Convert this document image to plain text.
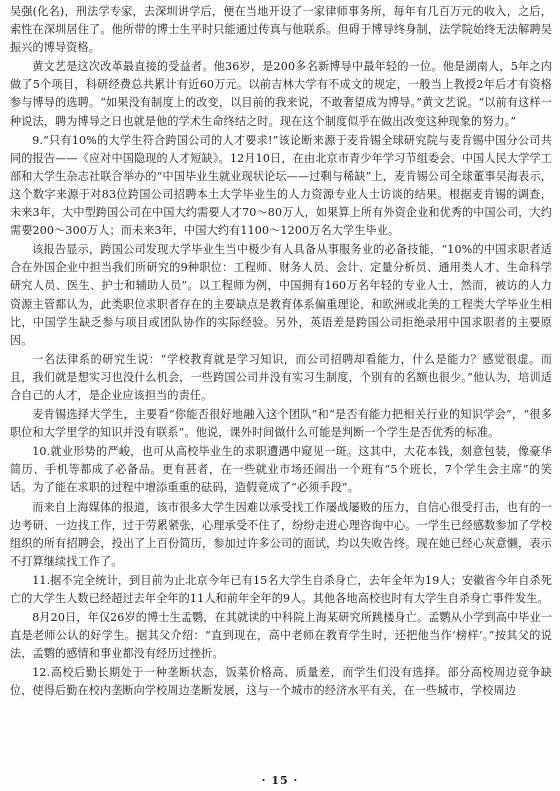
吴强(化名)，刑法学专家，去深圳讲学后，便在当地开设了一家律师事务所，每年有几百万元的收入，之后，索性在深圳居住了。他所带的博士生平时只能通过传真与他联系。但碍于博导终身制，法学院始终无法解聘吴振兴的博导资格。

黄文艺是这次改革最直接的受益者。他36岁，是200多名新博导中最年轻的一位。他是湖南人，5年之内做了5个项目，科研经费总共累计有近60万元。以前吉林大学有不成文的规定，一般当上教授2年后才有资格参与博导的选聘。“如果没有制度上的改变，以目前的我来说，不敢奢望成为博导。”黄文艺说。“以前有这样一种说法，聘为博导之日也就是他的学术生命终结之时。现在这个制度似乎在做出改变这种现象的努力。”

9.“只有10%的大学生符合跨国公司的人才要求!”该论断来源于麦肯锡全球研究院与麦肯锡中国分公司共同的报告——《应对中国隐现的人才短缺》。12月10日，在由北京市青少年学习节组委会、中国人民大学学工部和大学生杂志社联合举办的“中国毕业生就业现状论坛——过剩与稀缺”上，麦肯锡公司全球董事吴海表示，这个数字来源于对83位跨国公司招聘本土大学毕业生的人力资源专业人士访谈的结果。根据麦肯锡的调查，未来3年，大中型跨国公司在中国大约需要人才70～80万人，如果算上所有外资企业和优秀的中国公司，大约需要200～300万人；而未来3年，中国大约有1100～1200万名大学生毕业。

该报告显示，跨国公司发现大学毕业生当中极少有人具备从事服务业的必备技能，“10%的中国求职者适合在外国企业中担当我们所研究的9种职位：工程师、财务人员、会计、定量分析员、通用类人才、生命科学研究人员、医生、护士和辅助人员”。以工程师为例，中国拥有160万名年轻的专业人士，然而，被访的人力资源主管都认为，此类职位求职者存在的主要缺点是教育体系偏重理论，和欧洲或北美的工程类大学毕业生相比，中国学生缺乏参与项目或团队协作的实际经验。另外，英语差是跨国公司拒绝录用中国求职者的主要原因。

一名法律系的研究生说：“学校教育就是学习知识，而公司招聘却看能力，什么是能力？感觉很虚。而且，我们就是想实习也没什么机会，一些跨国公司并没有实习生制度，个别有的名额也很少。”他认为，培训适合自己的人才，是企业应该担当的责任。

麦肯锡选择大学生，主要看“你能否很好地融入这个团队”和“是否有能力把相关行业的知识学会”，“很多职位和大学里学的知识并没有联系”。他说，课外时间做什么可能是判断一个学生是否优秀的标准。

10.就业形势的严峻，也可从高校毕业生的求职遭遇中窥见一斑。这其中，大花本钱，刻意包装，像豪华简历、手机等都成了必备品。更有甚者，在一些就业市场还闹出一个班有“5个班长，7个学生会主席”的笑话。为了能在求职的过程中增添重重的砝码，造假竟成了“必须手段”。

而来自上海媒体的报道，该市很多大学生因难以承受找工作屡战屡败的压力，自信心很受打击，也有的一边考研、一边找工作，过于劳累紧张，心理承受不住了，纷纷走进心理咨询中心。一学生已经感数参加了学校组织的所有招聘会，投出了上百份简历，参加过许多公司的面试，均以失败告终。现在她已经心灰意懒，表示不打算继续找工作了。

11.据不完全统计，到目前为止北京今年已有15名大学生自杀身亡，去年全年为19人；安徽省今年自杀死亡的大学生人数已经超过去年全年的11人和前年全年的9人。其他各地高校也时有大学生自杀身亡事件发生。

8月20日，年仅26岁的博士生孟鹦，在其就读的中科院上海某研究所跳楼身亡。孟鹦从小学到高中毕业一直是老师公认的好学生。据其父介绍：“直到现在，高中老师在教育学生时，还把他当作‘榜样’。”按其父的说法，孟鹦的感情和事业都没有经历过挫折。

12.高校后勤长期处于一种垄断状态，饭菜价格高、质量差，而学生们没有选择。部分高校周边竞争缺位，使得后勤在校内垄断向学校周边垄断发展，这与一个城市的经济水平有关，在一些城市，学校周边

· 15 ·
